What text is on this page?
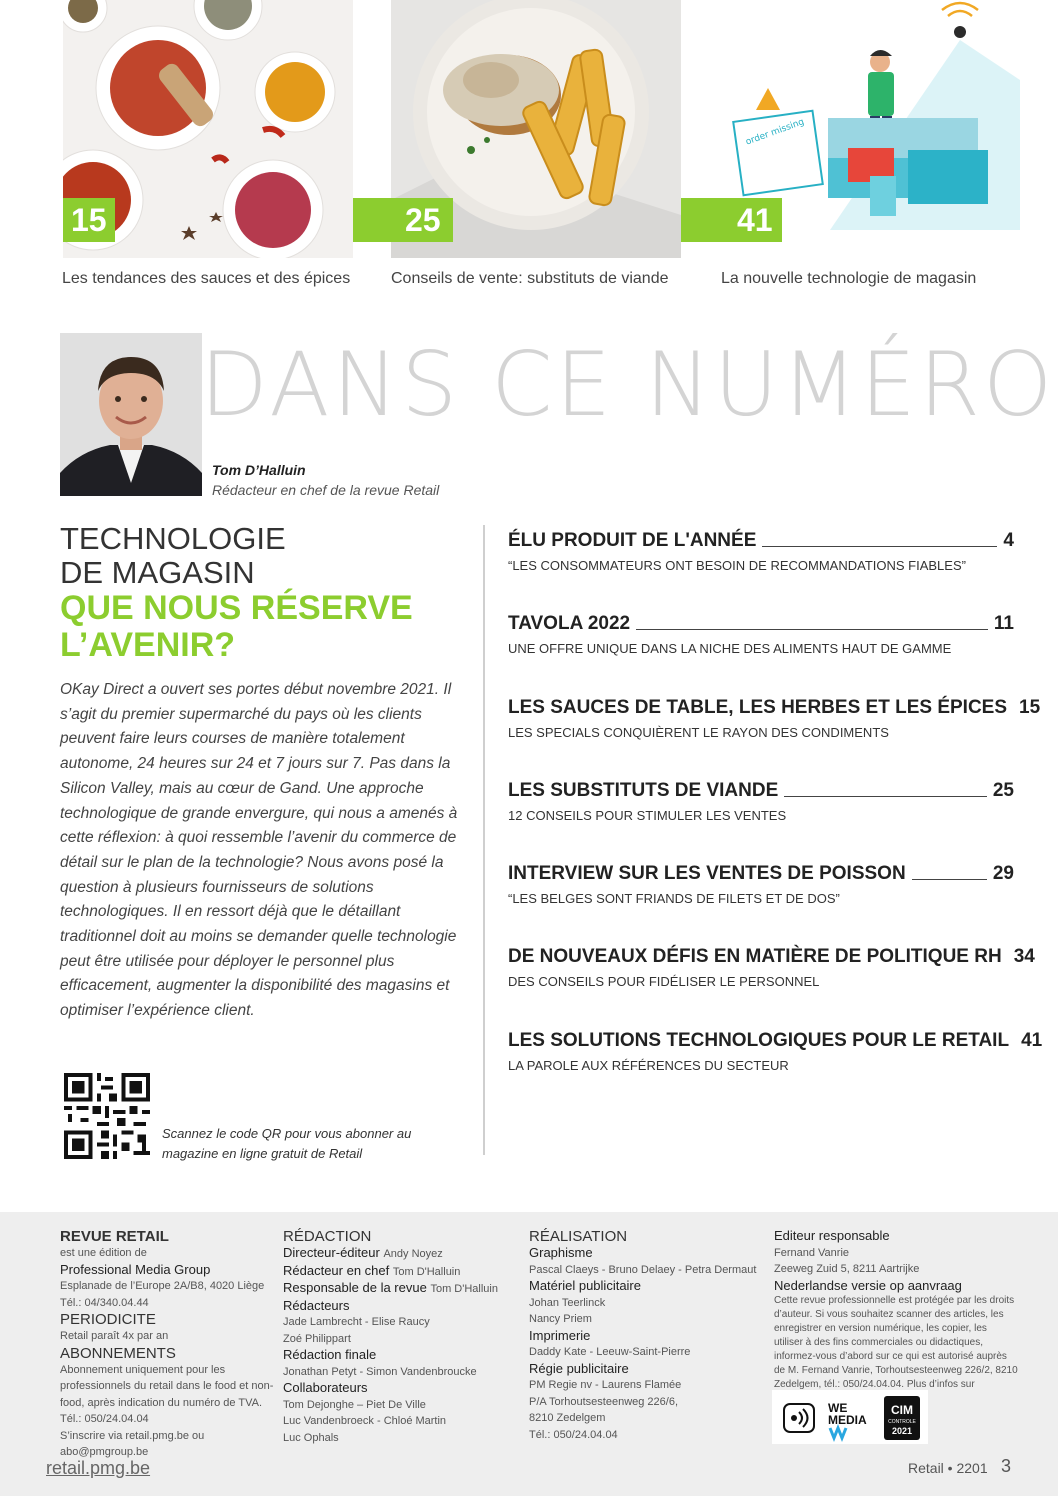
15
Les tendances des sauces et des épices
25
Conseils de vente: substituts de viande
order missing
41
La nouvelle technologie de magasin
DANS CE NUMÉRO
Tom D’Halluin
Rédacteur en chef de la revue Retail
TECHNOLOGIE
DE MAGASIN
QUE NOUS RÉSERVE
L’AVENIR?

OKay Direct a ouvert ses portes début novembre 2021. Il s’agit du premier supermarché du pays où les clients peuvent faire leurs courses de manière totalement autonome, 24 heures sur 24 et 7 jours sur 7. Pas dans la Silicon Valley, mais au cœur de Gand. Une approche technologique de grande envergure, qui nous a amenés à cette réflexion: à quoi ressemble l’avenir du commerce de détail sur le plan de la technologie? Nous avons posé la question à plusieurs fournisseurs de solutions technologiques. Il en ressort déjà que le détaillant traditionnel doit au moins se demander quelle technologie peut être utilisée pour déployer le personnel plus efficacement, augmenter la disponibilité des magasins et optimiser l’expérience client.

Scannez le code QR pour vous abonner au magazine en ligne gratuit de Retail

ÉLU PRODUIT DE L'ANNÉE	4
“LES CONSOMMATEURS ONT BESOIN DE RECOMMANDATIONS FIABLES”
TAVOLA 2022	11
UNE OFFRE UNIQUE DANS LA NICHE DES ALIMENTS HAUT DE GAMME
LES SAUCES DE TABLE, LES HERBES ET LES ÉPICES 15
LES SPECIALS CONQUIÈRENT LE RAYON DES CONDIMENTS
LES SUBSTITUTS DE VIANDE	25
12 CONSEILS POUR STIMULER LES VENTES
INTERVIEW SUR LES VENTES DE POISSON	29
“LES BELGES SONT FRIANDS DE FILETS ET DE DOS”
DE NOUVEAUX DÉFIS EN MATIÈRE DE POLITIQUE RH 34
DES CONSEILS POUR FIDÉLISER LE PERSONNEL
LES SOLUTIONS TECHNOLOGIQUES POUR LE RETAIL 41
LA PAROLE AUX RÉFÉRENCES DU SECTEUR
REVUE RETAIL
est une édition de
Professional Media Group
Esplanade de l’Europe 2A/B8, 4020 Liège
Tél.: 04/340.04.44
PERIODICITE
Retail paraît 4x par an
ABONNEMENTS
Abonnement uniquement pour les professionnels du retail dans le food et non-food, après indication du numéro de TVA.
Tél.: 050/24.04.04
S’inscrire via retail.pmg.be ou abo@pmgroup.be
RÉDACTION
Directeur-éditeur Andy Noyez
Rédacteur en chef Tom D'Halluin
Responsable de la revue Tom D'Halluin
Rédacteurs
Jade Lambrecht - Elise Raucy
Zoé Philippart
Rédaction finale
Jonathan Petyt - Simon Vandenbroucke
Collaborateurs
Tom Dejonghe – Piet De Ville
Luc Vandenbroeck - Chloé Martin
Luc Ophals
RÉALISATION
Graphisme
Pascal Claeys - Bruno Delaey - Petra Dermaut
Matériel publicitaire
Johan Teerlinck
Nancy Priem
Imprimerie
Daddy Kate - Leeuw-Saint-Pierre
Régie publicitaire
PM Regie nv - Laurens Flamée
P/A Torhoutsesteenweg 226/6,
8210 Zedelgem
Tél.: 050/24.04.04
Editeur responsable
Fernand Vanrie
Zeeweg Zuid 5, 8211 Aartrijke
Nederlandse versie op aanvraag
Cette revue professionnelle est protégée par les droits d’auteur. Si vous souhaitez scanner des articles, les enregistrer en version numérique, les copier, les utiliser à des fins commerciales ou didactiques, informez-vous d’abord sur ce qui est autorisé auprès de M. Fernand Vanrie, Torhoutsesteenweg 226/2, 8210 Zedelgem, tél.: 050/24.04.04. Plus d’infos sur
WE
MEDIA
CIM
CONTROLE
2021
retail.pmg.be	Retail • 2201 3
